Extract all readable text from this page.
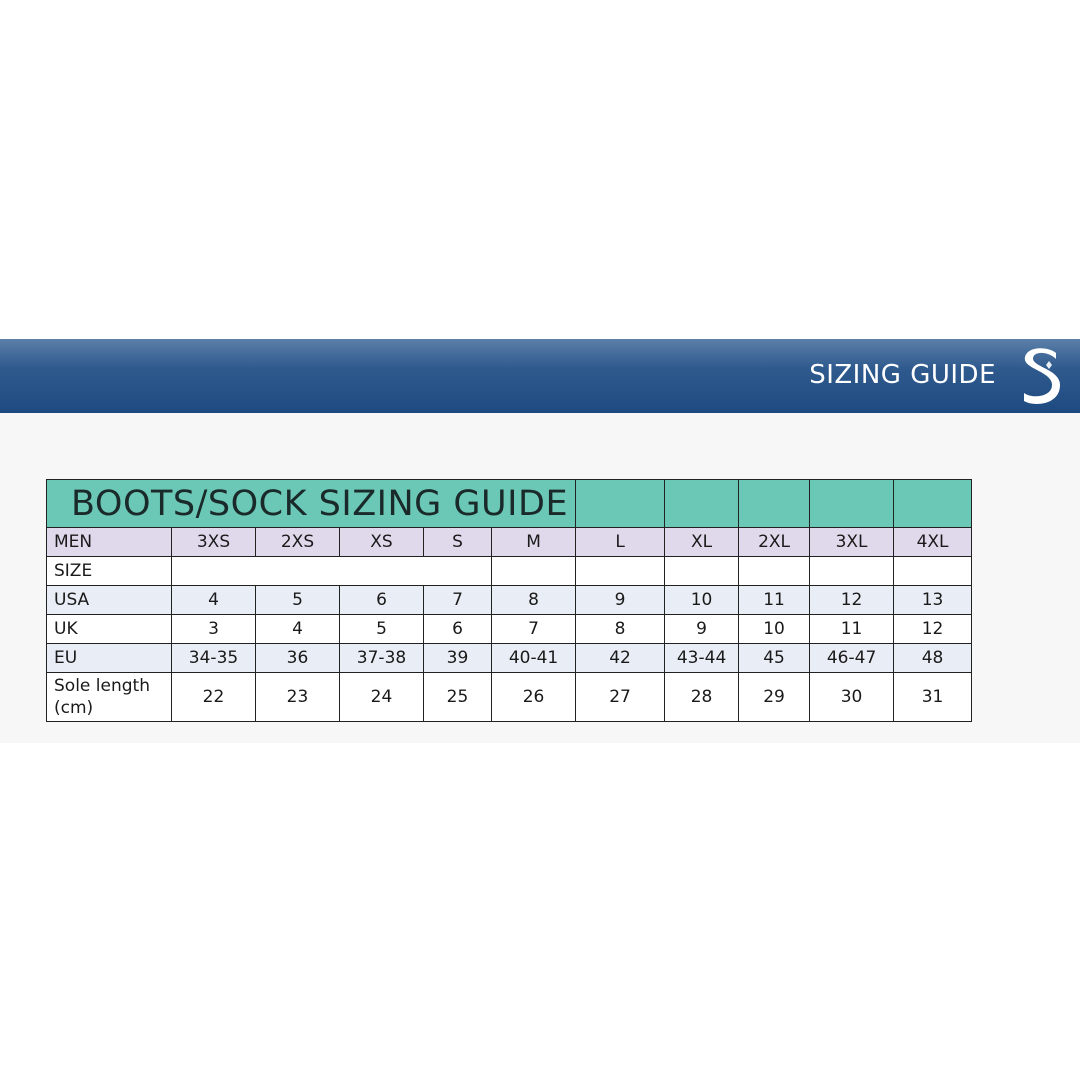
SIZING GUIDE
BOOTS/SOCK SIZING GUIDE										
MEN	3XS	2XS	XS	S	M	L	XL	2XL	3XL	4XL
SIZE										
USA	4	5	6	7	8	9	10	11	12	13
UK	3	4	5	6	7	8	9	10	11	12
EU	34-35	36	37-38	39	40-41	42	43-44	45	46-47	48
Sole length (cm)	22	23	24	25	26	27	28	29	30	31
